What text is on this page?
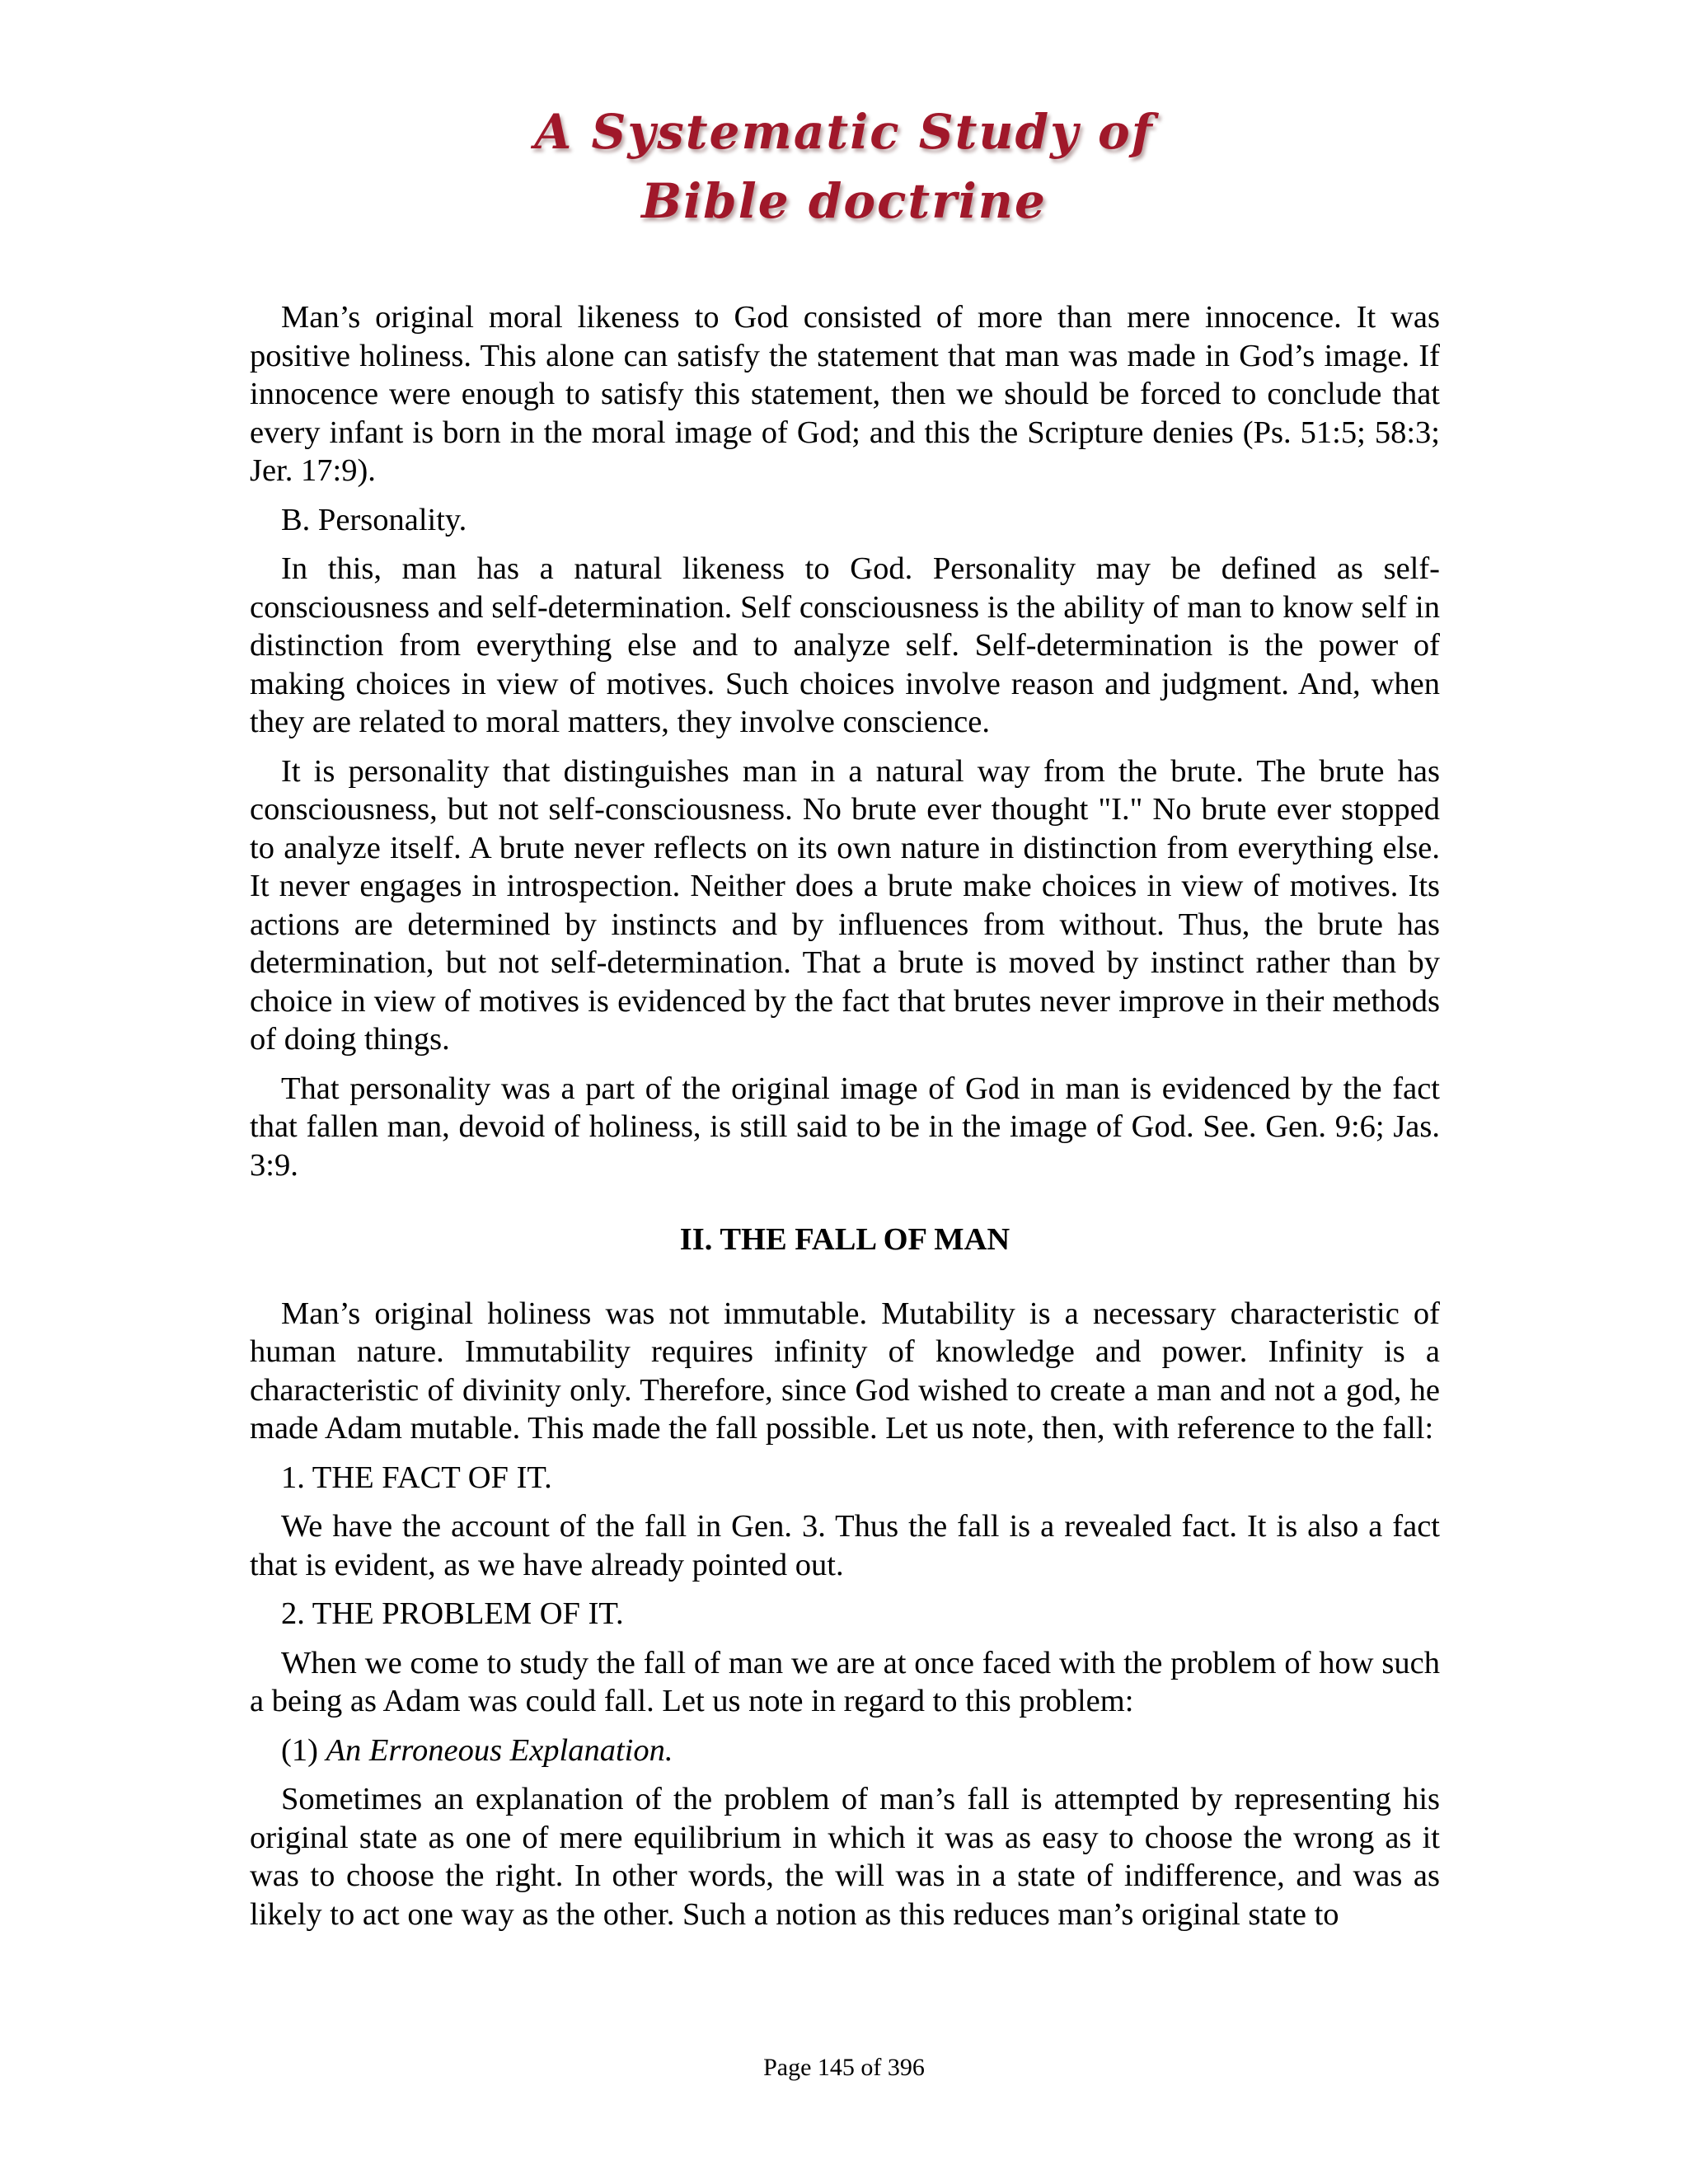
A Systematic Study of
Bible doctrine

Man’s original moral likeness to God consisted of more than mere innocence. It was positive holiness. This alone can satisfy the statement that man was made in God’s image. If innocence were enough to satisfy this statement, then we should be forced to conclude that every infant is born in the moral image of God; and this the Scripture denies (Ps. 51:5; 58:3; Jer. 17:9).

B. Personality.

In this, man has a natural likeness to God. Personality may be defined as self-consciousness and self-determination. Self consciousness is the ability of man to know self in distinction from everything else and to analyze self. Self-determination is the power of making choices in view of motives. Such choices involve reason and judgment. And, when they are related to moral matters, they involve conscience.

It is personality that distinguishes man in a natural way from the brute. The brute has consciousness, but not self-consciousness. No brute ever thought "I." No brute ever stopped to analyze itself. A brute never reflects on its own nature in distinction from everything else. It never engages in introspection. Neither does a brute make choices in view of motives. Its actions are determined by instincts and by influences from without. Thus, the brute has determination, but not self-determination. That a brute is moved by instinct rather than by choice in view of motives is evidenced by the fact that brutes never improve in their methods of doing things.

That personality was a part of the original image of God in man is evidenced by the fact that fallen man, devoid of holiness, is still said to be in the image of God. See. Gen. 9:6; Jas. 3:9.

II. THE FALL OF MAN

Man’s original holiness was not immutable. Mutability is a necessary characteristic of human nature. Immutability requires infinity of knowledge and power. Infinity is a characteristic of divinity only. Therefore, since God wished to create a man and not a god, he made Adam mutable. This made the fall possible. Let us note, then, with reference to the fall:

1. THE FACT OF IT.

We have the account of the fall in Gen. 3. Thus the fall is a revealed fact. It is also a fact that is evident, as we have already pointed out.

2. THE PROBLEM OF IT.

When we come to study the fall of man we are at once faced with the problem of how such a being as Adam was could fall. Let us note in regard to this problem:

(1) An Erroneous Explanation.

Sometimes an explanation of the problem of man’s fall is attempted by representing his original state as one of mere equilibrium in which it was as easy to choose the wrong as it was to choose the right. In other words, the will was in a state of indifference, and was as likely to act one way as the other. Such a notion as this reduces man’s original state to

Page 145 of 396
